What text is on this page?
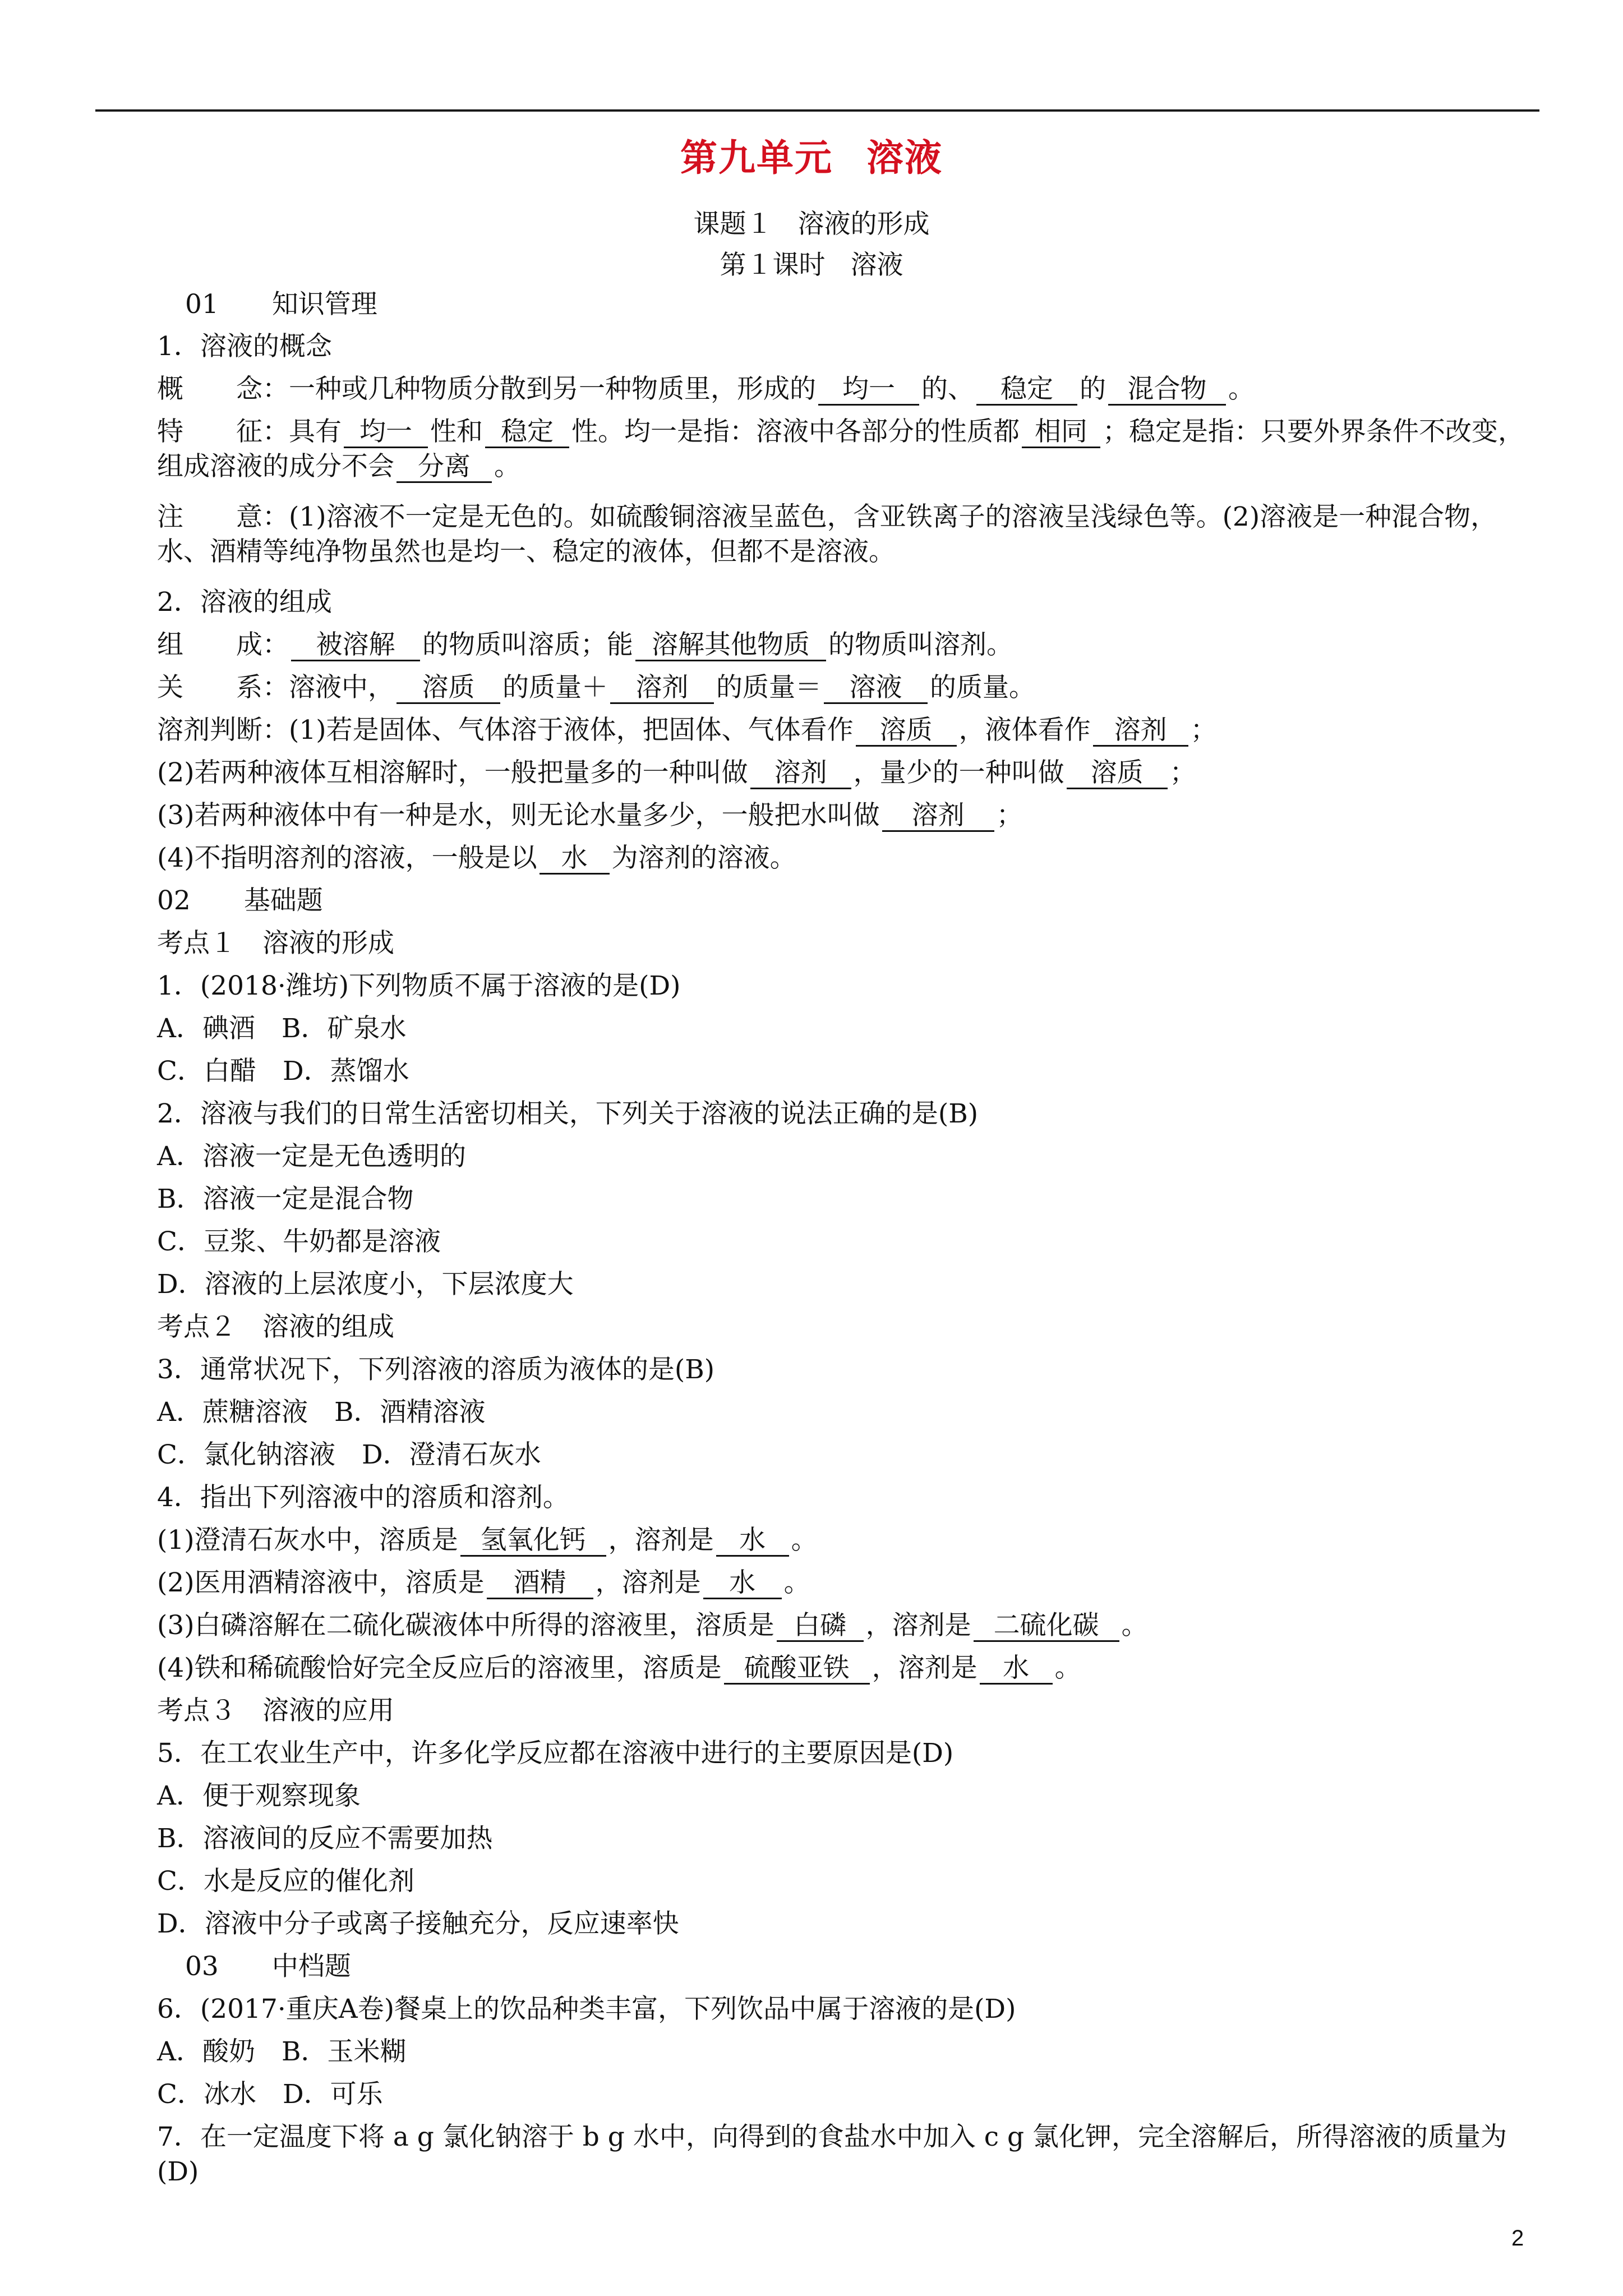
第九单元 溶液
课题１ 溶液的形成
第１课时 溶液
01 知识管理
1．溶液的概念
概　　念：一种或几种物质分散到另一种物质里，形成的 均一 的、 稳定 的 混合物 。
特　　征：具有 均一 性和 稳定 性。均一是指：溶液中各部分的性质都 相同 ；稳定是指：只要外界条件不改变，组成溶液的成分不会 分离 。
注　　意：(1)溶液不一定是无色的。如硫酸铜溶液呈蓝色，含亚铁离子的溶液呈浅绿色等。(2)溶液是一种混合物，水、酒精等纯净物虽然也是均一、稳定的液体，但都不是溶液。
2．溶液的组成
组　　成： 被溶解 的物质叫溶质；能 溶解其他物质 的物质叫溶剂。
关　　系：溶液中， 溶质 的质量＋ 溶剂 的质量＝ 溶液 的质量。
溶剂判断：(1)若是固体、气体溶于液体，把固体、气体看作 溶质 ，液体看作 溶剂 ；
(2)若两种液体互相溶解时，一般把量多的一种叫做 溶剂 ，量少的一种叫做 溶质 ；
(3)若两种液体中有一种是水，则无论水量多少，一般把水叫做 溶剂 ；
(4)不指明溶剂的溶液，一般是以 水 为溶剂的溶液。
02 基础题
考点１　溶液的形成
1．(2018·潍坊)下列物质不属于溶液的是(D)
A．碘酒　B．矿泉水
C．白醋　D．蒸馏水
2．溶液与我们的日常生活密切相关，下列关于溶液的说法正确的是(B)
A．溶液一定是无色透明的
B．溶液一定是混合物
C．豆浆、牛奶都是溶液
D．溶液的上层浓度小，下层浓度大
考点２　溶液的组成
3．通常状况下，下列溶液的溶质为液体的是(B)
A．蔗糖溶液　B．酒精溶液
C．氯化钠溶液　D．澄清石灰水
4．指出下列溶液中的溶质和溶剂。
(1)澄清石灰水中，溶质是 氢氧化钙 ，溶剂是 水 。
(2)医用酒精溶液中，溶质是 酒精 ，溶剂是 水 。
(3)白磷溶解在二硫化碳液体中所得的溶液里，溶质是 白磷 ，溶剂是 二硫化碳 。
(4)铁和稀硫酸恰好完全反应后的溶液里，溶质是 硫酸亚铁 ，溶剂是 水 。
考点３　溶液的应用
5．在工农业生产中，许多化学反应都在溶液中进行的主要原因是(D)
A．便于观察现象
B．溶液间的反应不需要加热
C．水是反应的催化剂
D．溶液中分子或离子接触充分，反应速率快
03 中档题
6．(2017·重庆A卷)餐桌上的饮品种类丰富，下列饮品中属于溶液的是(D)
A．酸奶　B．玉米糊
C．冰水　D．可乐
7．在一定温度下将 a g 氯化钠溶于 b g 水中，向得到的食盐水中加入 c g 氯化钾，完全溶解后，所得溶液的质量为(D)
2
